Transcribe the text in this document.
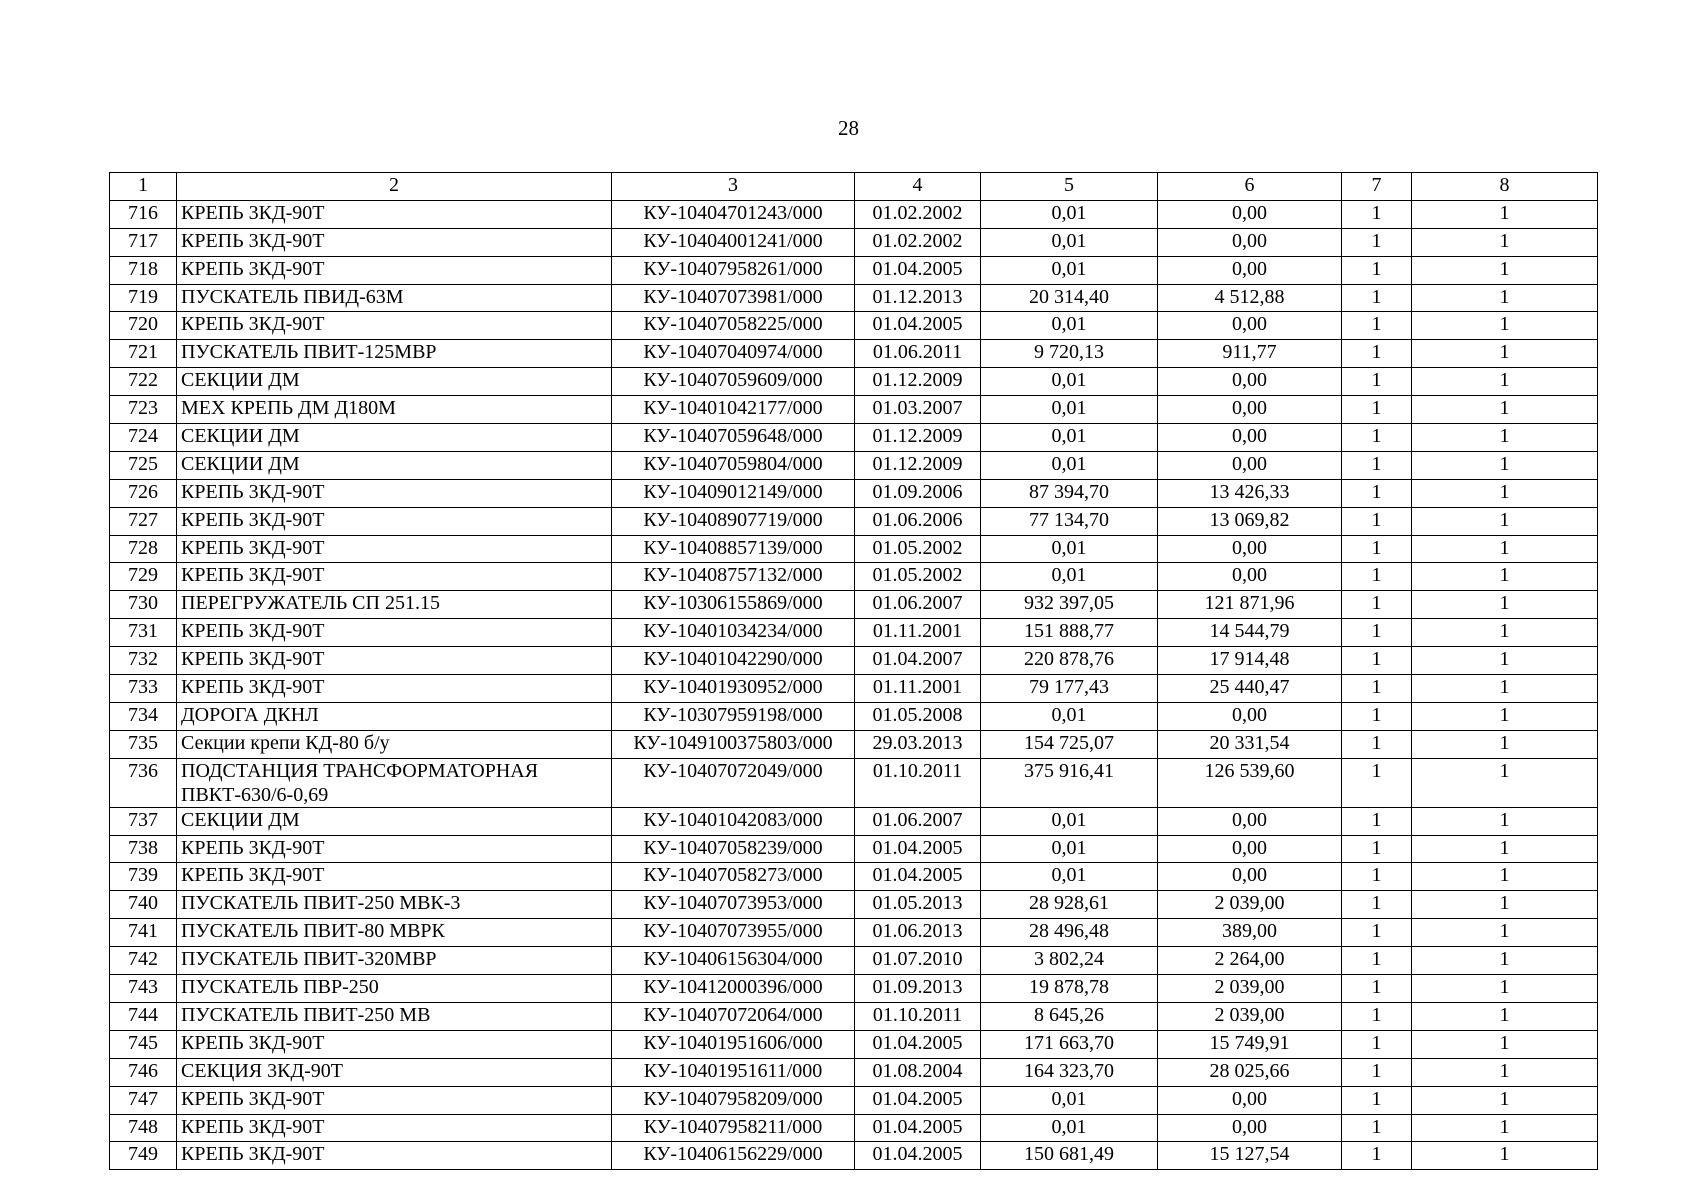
28
1	2	3	4	5	6	7	8
716	КРЕПЬ 3КД-90Т	КУ-10404701243/000	01.02.2002	0,01	0,00	1	1
717	КРЕПЬ 3КД-90Т	КУ-10404001241/000	01.02.2002	0,01	0,00	1	1
718	КРЕПЬ 3КД-90Т	КУ-10407958261/000	01.04.2005	0,01	0,00	1	1
719	ПУСКАТЕЛЬ ПВИД-63М	КУ-10407073981/000	01.12.2013	20 314,40	4 512,88	1	1
720	КРЕПЬ 3КД-90Т	КУ-10407058225/000	01.04.2005	0,01	0,00	1	1
721	ПУСКАТЕЛЬ ПВИТ-125МВР	КУ-10407040974/000	01.06.2011	9 720,13	911,77	1	1
722	СЕКЦИИ ДМ	КУ-10407059609/000	01.12.2009	0,01	0,00	1	1
723	МЕХ КРЕПЬ ДМ Д180М	КУ-10401042177/000	01.03.2007	0,01	0,00	1	1
724	СЕКЦИИ ДМ	КУ-10407059648/000	01.12.2009	0,01	0,00	1	1
725	СЕКЦИИ ДМ	КУ-10407059804/000	01.12.2009	0,01	0,00	1	1
726	КРЕПЬ 3КД-90Т	КУ-10409012149/000	01.09.2006	87 394,70	13 426,33	1	1
727	КРЕПЬ 3КД-90Т	КУ-10408907719/000	01.06.2006	77 134,70	13 069,82	1	1
728	КРЕПЬ 3КД-90Т	КУ-10408857139/000	01.05.2002	0,01	0,00	1	1
729	КРЕПЬ 3КД-90Т	КУ-10408757132/000	01.05.2002	0,01	0,00	1	1
730	ПЕРЕГРУЖАТЕЛЬ СП 251.15	КУ-10306155869/000	01.06.2007	932 397,05	121 871,96	1	1
731	КРЕПЬ 3КД-90Т	КУ-10401034234/000	01.11.2001	151 888,77	14 544,79	1	1
732	КРЕПЬ 3КД-90Т	КУ-10401042290/000	01.04.2007	220 878,76	17 914,48	1	1
733	КРЕПЬ 3КД-90Т	КУ-10401930952/000	01.11.2001	79 177,43	25 440,47	1	1
734	ДОРОГА ДКНЛ	КУ-10307959198/000	01.05.2008	0,01	0,00	1	1
735	Секции крепи КД-80 б/у	КУ-1049100375803/000	29.03.2013	154 725,07	20 331,54	1	1
736	ПОДСТАНЦИЯ ТРАНСФОРМАТОРНАЯ ПВКТ-630/6-0,69	КУ-10407072049/000	01.10.2011	375 916,41	126 539,60	1	1
737	СЕКЦИИ ДМ	КУ-10401042083/000	01.06.2007	0,01	0,00	1	1
738	КРЕПЬ 3КД-90Т	КУ-10407058239/000	01.04.2005	0,01	0,00	1	1
739	КРЕПЬ 3КД-90Т	КУ-10407058273/000	01.04.2005	0,01	0,00	1	1
740	ПУСКАТЕЛЬ ПВИТ-250 МВК-3	КУ-10407073953/000	01.05.2013	28 928,61	2 039,00	1	1
741	ПУСКАТЕЛЬ ПВИТ-80 МВРК	КУ-10407073955/000	01.06.2013	28 496,48	389,00	1	1
742	ПУСКАТЕЛЬ ПВИТ-320МВР	КУ-10406156304/000	01.07.2010	3 802,24	2 264,00	1	1
743	ПУСКАТЕЛЬ ПВР-250	КУ-10412000396/000	01.09.2013	19 878,78	2 039,00	1	1
744	ПУСКАТЕЛЬ ПВИТ-250 МВ	КУ-10407072064/000	01.10.2011	8 645,26	2 039,00	1	1
745	КРЕПЬ 3КД-90Т	КУ-10401951606/000	01.04.2005	171 663,70	15 749,91	1	1
746	СЕКЦИЯ 3КД-90Т	КУ-10401951611/000	01.08.2004	164 323,70	28 025,66	1	1
747	КРЕПЬ 3КД-90Т	КУ-10407958209/000	01.04.2005	0,01	0,00	1	1
748	КРЕПЬ 3КД-90Т	КУ-10407958211/000	01.04.2005	0,01	0,00	1	1
749	КРЕПЬ 3КД-90Т	КУ-10406156229/000	01.04.2005	150 681,49	15 127,54	1	1
